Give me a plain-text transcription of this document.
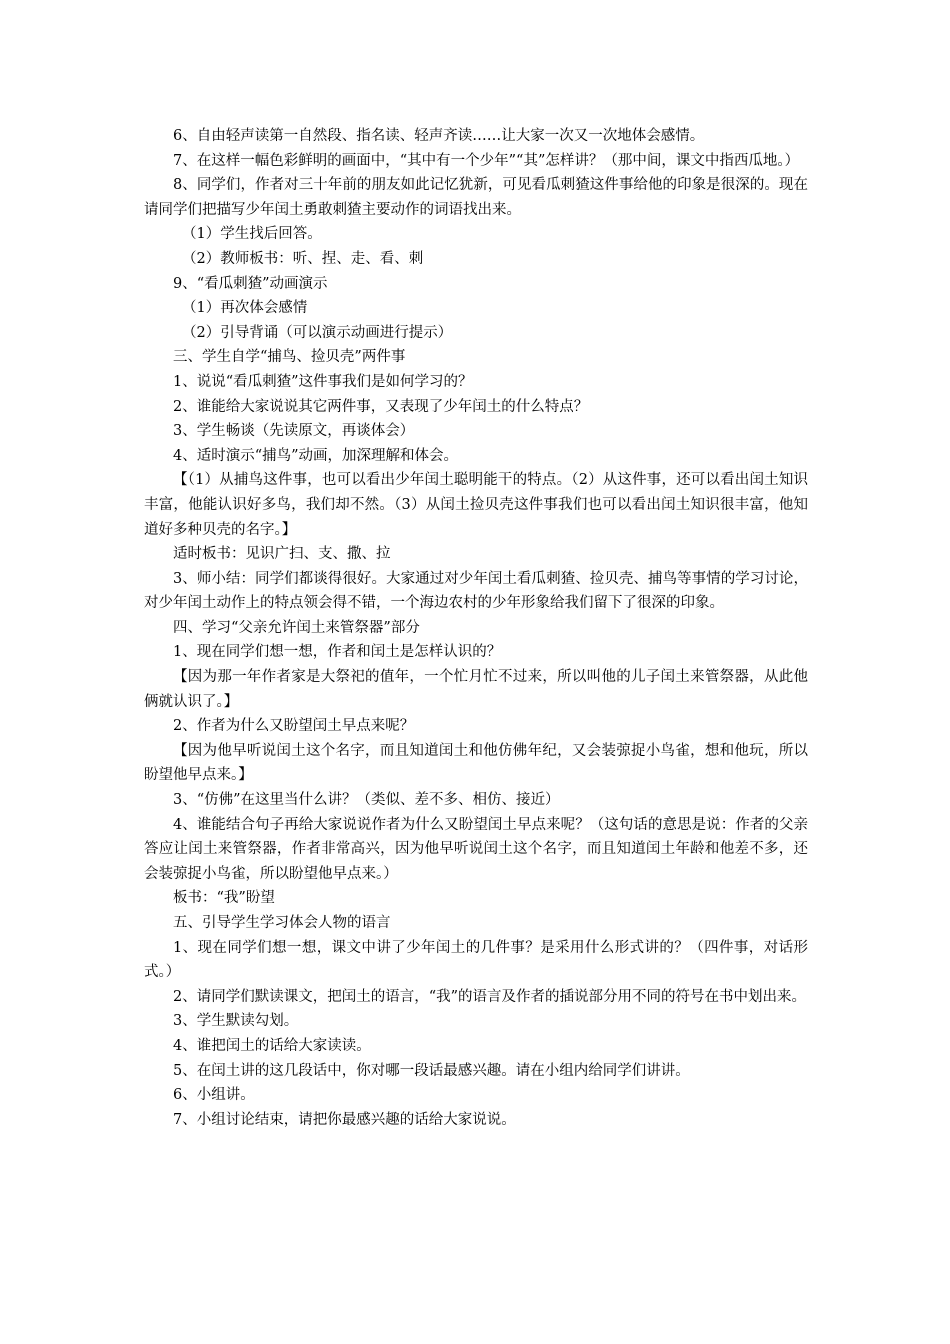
6、自由轻声读第一自然段、指名读、轻声齐读……让大家一次又一次地体会感情。

7、在这样一幅色彩鲜明的画面中，“其中有一个少年”“其”怎样讲？（那中间，课文中指西瓜地。）

8、同学们，作者对三十年前的朋友如此记忆犹新，可见看瓜刺猹这件事给他的印象是很深的。现在请同学们把描写少年闰土勇敢刺猹主要动作的词语找出来。

（1）学生找后回答。

（2）教师板书：听、捏、走、看、刺

9、“看瓜刺猹”动画演示

（1）再次体会感情

（2）引导背诵（可以演示动画进行提示）

三、学生自学“捕鸟、捡贝壳”两件事

1、说说“看瓜刺猹”这件事我们是如何学习的？

2、谁能给大家说说其它两件事，又表现了少年闰土的什么特点？

3、学生畅谈（先读原文，再谈体会）

4、适时演示“捕鸟”动画，加深理解和体会。

【（1）从捕鸟这件事，也可以看出少年闰土聪明能干的特点。（2）从这件事，还可以看出闰土知识丰富，他能认识好多鸟，我们却不然。（3）从闰土捡贝壳这件事我们也可以看出闰土知识很丰富，他知道好多种贝壳的名字。】

适时板书：见识广扫、支、撒、拉

3、师小结：同学们都谈得很好。大家通过对少年闰土看瓜刺猹、捡贝壳、捕鸟等事情的学习讨论，对少年闰土动作上的特点领会得不错，一个海边农村的少年形象给我们留下了很深的印象。

四、学习“父亲允许闰土来管祭器”部分

1、现在同学们想一想，作者和闰土是怎样认识的？

【因为那一年作者家是大祭祀的值年，一个忙月忙不过来，所以叫他的儿子闰土来管祭器，从此他俩就认识了。】

2、作者为什么又盼望闰土早点来呢？

【因为他早听说闰土这个名字，而且知道闰土和他仿佛年纪，又会装弶捉小鸟雀，想和他玩，所以盼望他早点来。】

3、“仿佛”在这里当什么讲？（类似、差不多、相仿、接近）

4、谁能结合句子再给大家说说作者为什么又盼望闰土早点来呢？（这句话的意思是说：作者的父亲答应让闰土来管祭器，作者非常高兴，因为他早听说闰土这个名字，而且知道闰土年龄和他差不多，还会装弶捉小鸟雀，所以盼望他早点来。）

板书：“我”盼望

五、引导学生学习体会人物的语言

1、现在同学们想一想，课文中讲了少年闰土的几件事？是采用什么形式讲的？（四件事，对话形式。）

2、请同学们默读课文，把闰土的语言，“我”的语言及作者的插说部分用不同的符号在书中划出来。

3、学生默读勾划。

4、谁把闰土的话给大家读读。

5、在闰土讲的这几段话中，你对哪一段话最感兴趣。请在小组内给同学们讲讲。

6、小组讲。

7、小组讨论结束，请把你最感兴趣的话给大家说说。
